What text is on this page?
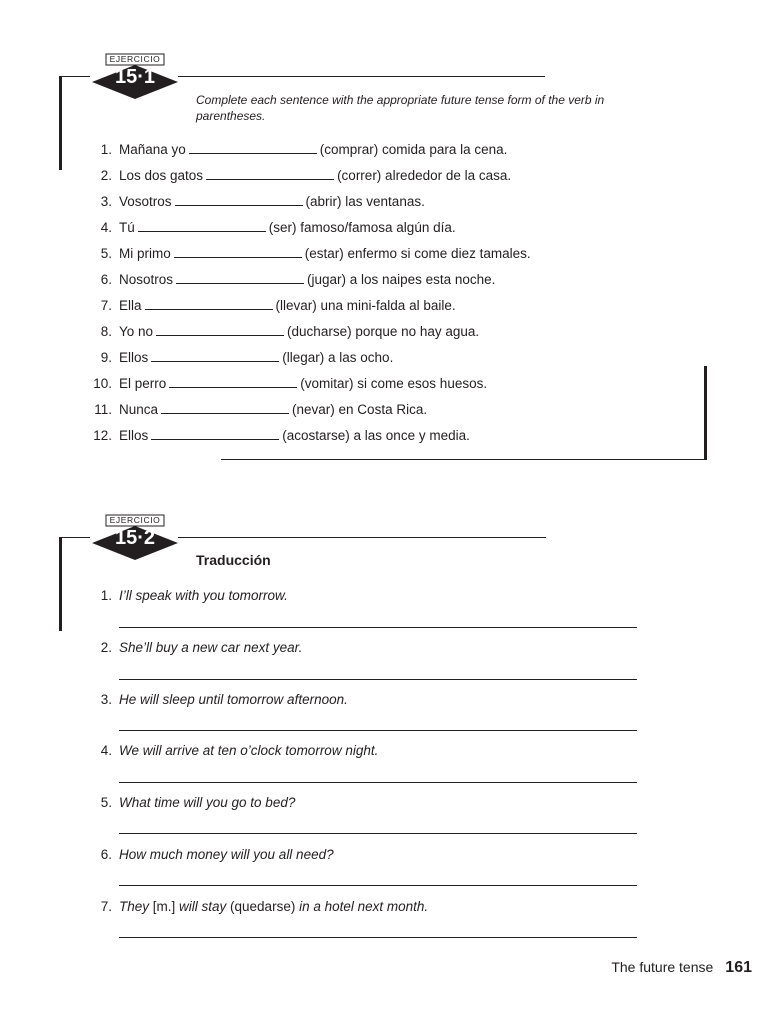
EJERCICIO
15·1
Complete each sentence with the appropriate future tense form of the verb in parentheses.
1. Mañana yo	(comprar) comida para la cena.
2. Los dos gatos	(correr) alrededor de la casa.
3. Vosotros	(abrir) las ventanas.
4. Tú	(ser) famoso/famosa algún día.
5. Mi primo	(estar) enfermo si come diez tamales.
6. Nosotros	(jugar) a los naipes esta noche.
7. Ella	(llevar) una mini-falda al baile.
8. Yo no	(ducharse) porque no hay agua.
9. Ellos	(llegar) a las ocho.
10. El perro	(vomitar) si come esos huesos.
11. Nunca	(nevar) en Costa Rica.
12. Ellos	(acostarse) a las once y media.
EJERCICIO
15·2
Traducción
1. I’ll speak with you tomorrow.
2. She’ll buy a new car next year.
3. He will sleep until tomorrow afternoon.
4. We will arrive at ten o’clock tomorrow night.
5. What time will you go to bed?
6. How much money will you all need?
7. They [m.] will stay (quedarse) in a hotel next month.
The future tense 161
